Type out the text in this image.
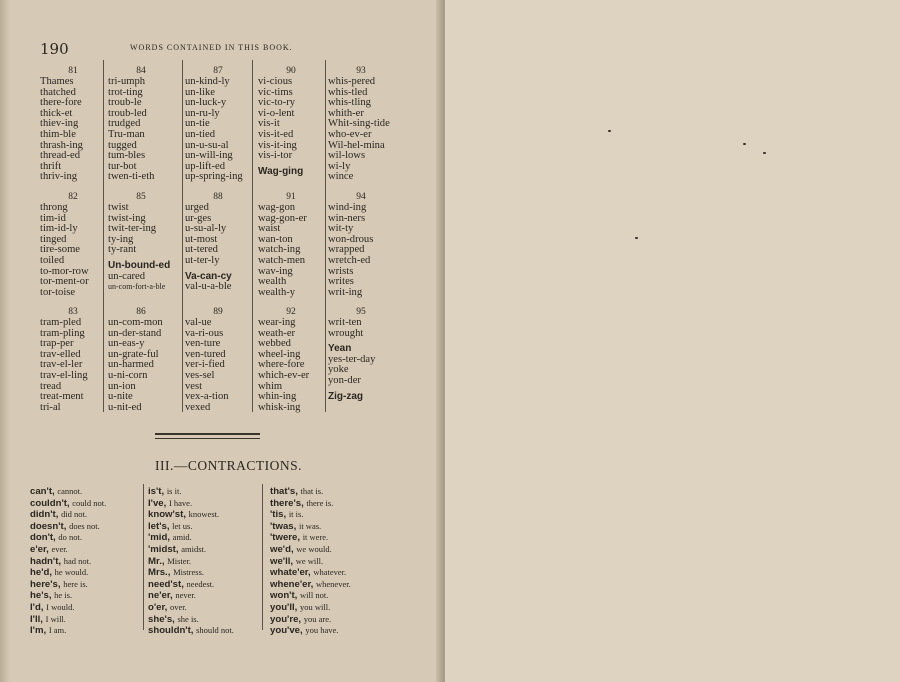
190	WORDS CONTAINED IN THIS BOOK.
81
Thames
thatched
there-fore
thick-et
thiev-ing
thim-ble
thrash-ing
thread-ed
thrift
thriv-ing
82
throng
tim-id
tim-id-ly
tinged
tire-some
toiled
to-mor-row
tor-ment-or
tor-toise
83
tram-pled
tram-pling
trap-per
trav-elled
trav-el-ler
trav-el-ling
tread
treat-ment
tri-al
84
tri-umph
trot-ting
troub-le
troub-led
trudged
Tru-man
tugged
tum-bles
tur-bot
twen-ti-eth
85
twist
twist-ing
twit-ter-ing
ty-ing
ty-rant

Un-bound-ed
un-cared
un-com-fort-a-ble
86
un-com-mon
un-der-stand
un-eas-y
un-grate-ful
un-harmed
u-ni-corn
un-ion
u-nite
u-nit-ed
87
un-kind-ly
un-like
un-luck-y
un-ru-ly
un-tie
un-tied
un-u-su-al
un-will-ing
up-lift-ed
up-spring-ing
88
urged
ur-ges
u-su-al-ly
ut-most
ut-tered
ut-ter-ly

Va-can-cy
val-u-a-ble
89
val-ue
va-ri-ous
ven-ture
ven-tured
ver-i-fied
ves-sel
vest
vex-a-tion
vexed
90
vi-cious
vic-tims
vic-to-ry
vi-o-lent
vis-it
vis-it-ed
vis-it-ing
vis-i-tor

Wag-ging
91
wag-gon
wag-gon-er
waist
wan-ton
watch-ing
watch-men
wav-ing
wealth
wealth-y
92
wear-ing
weath-er
webbed
wheel-ing
where-fore
which-ev-er
whim
whin-ing
whisk-ing
93
whis-pered
whis-tled
whis-tling
whith-er
Whit-sing-tide
who-ev-er
Wil-hel-mina
wil-lows
wi-ly
wince
94
wind-ing
win-ners
wit-ty
won-drous
wrapped
wretch-ed
wrists
writes
writ-ing
95
writ-ten
wrought

Yean
yes-ter-day
yoke
yon-der

Zig-zag
III.—CONTRACTIONS.
can't, cannot.
couldn't, could not.
didn't, did not.
doesn't, does not.
don't, do not.
e'er, ever.
hadn't, had not.
he'd, he would.
here's, here is.
he's, he is.
I'd, I would.
I'll, I will.
I'm, I am.
is't, is it.
I've, I have.
know'st, knowest.
let's, let us.
'mid, amid.
'midst, amidst.
Mr., Mister.
Mrs., Mistress.
need'st, needest.
ne'er, never.
o'er, over.
she's, she is.
shouldn't, should not.
that's, that is.
there's, there is.
'tis, it is.
'twas, it was.
'twere, it were.
we'd, we would.
we'll, we will.
whate'er, whatever.
whene'er, whenever.
won't, will not.
you'll, you will.
you're, you are.
you've, you have.
